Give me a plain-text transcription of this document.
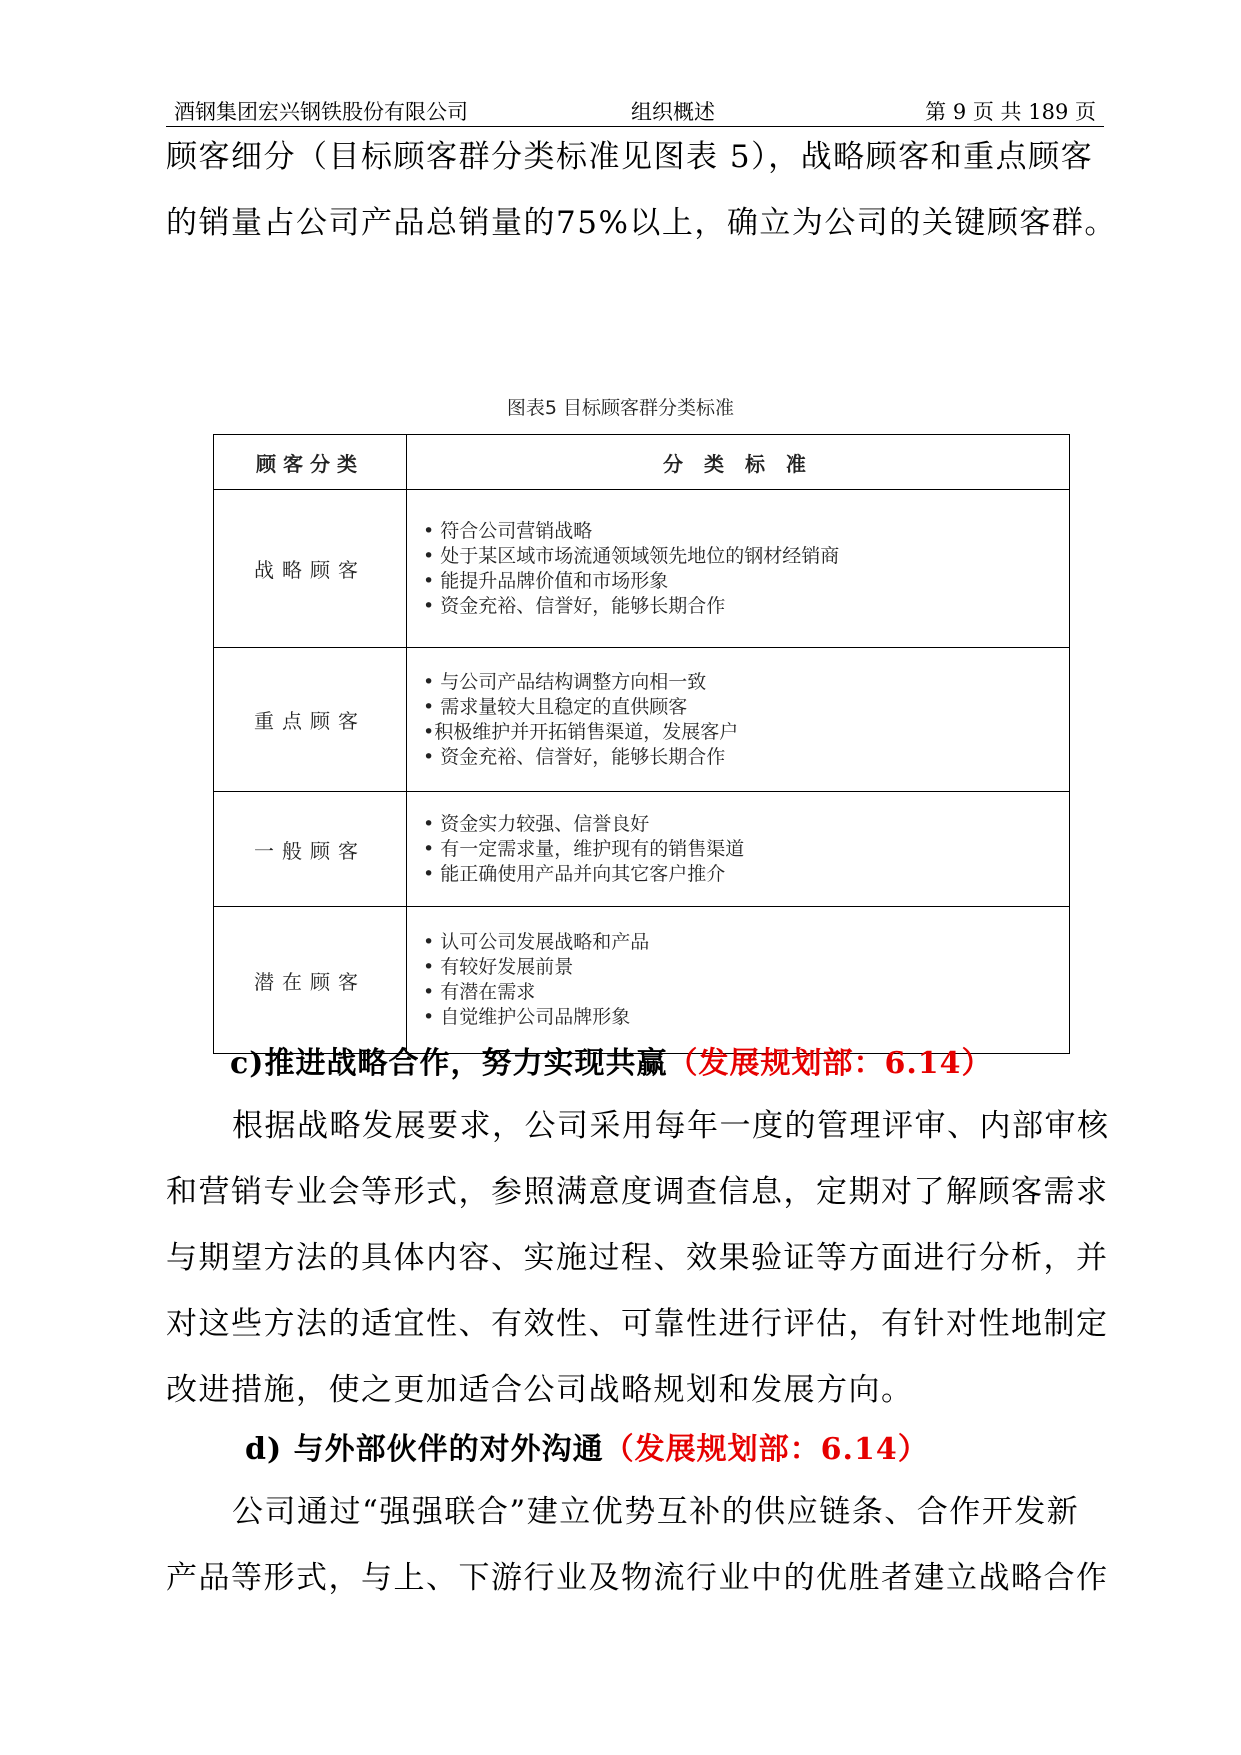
酒钢集团宏兴钢铁股份有限公司	组织概述	第 9 页 共 189 页

顾客细分（目标顾客群分类标准见图表 5），战略顾客和重点顾客
的销量占公司产品总销量的75%以上，确立为公司的关键顾客群。

图表5 目标顾客群分类标准
顾客分类	分 类 标 准
战略顾客	• 符合公司营销战略
• 处于某区域市场流通领域领先地位的钢材经销商
• 能提升品牌价值和市场形象
• 资金充裕、信誉好，能够长期合作

重点顾客	• 与公司产品结构调整方向相一致
• 需求量较大且稳定的直供顾客
•积极维护并开拓销售渠道，发展客户
• 资金充裕、信誉好，能够长期合作

一般顾客	• 资金实力较强、信誉良好
• 有一定需求量，维护现有的销售渠道
• 能正确使用产品并向其它客户推介

潜在顾客	• 认可公司发展战略和产品
• 有较好发展前景
• 有潜在需求
• 自觉维护公司品牌形象
c)推进战略合作，努力实现共赢（发展规划部：6.14）

根据战略发展要求，公司采用每年一度的管理评审、内部审核
和营销专业会等形式，参照满意度调查信息，定期对了解顾客需求
与期望方法的具体内容、实施过程、效果验证等方面进行分析，并
对这些方法的适宜性、有效性、可靠性进行评估，有针对性地制定
改进措施，使之更加适合公司战略规划和发展方向。

d) 与外部伙伴的对外沟通（发展规划部：6.14）

公司通过“强强联合”建立优势互补的供应链条、合作开发新
产品等形式，与上、下游行业及物流行业中的优胜者建立战略合作
